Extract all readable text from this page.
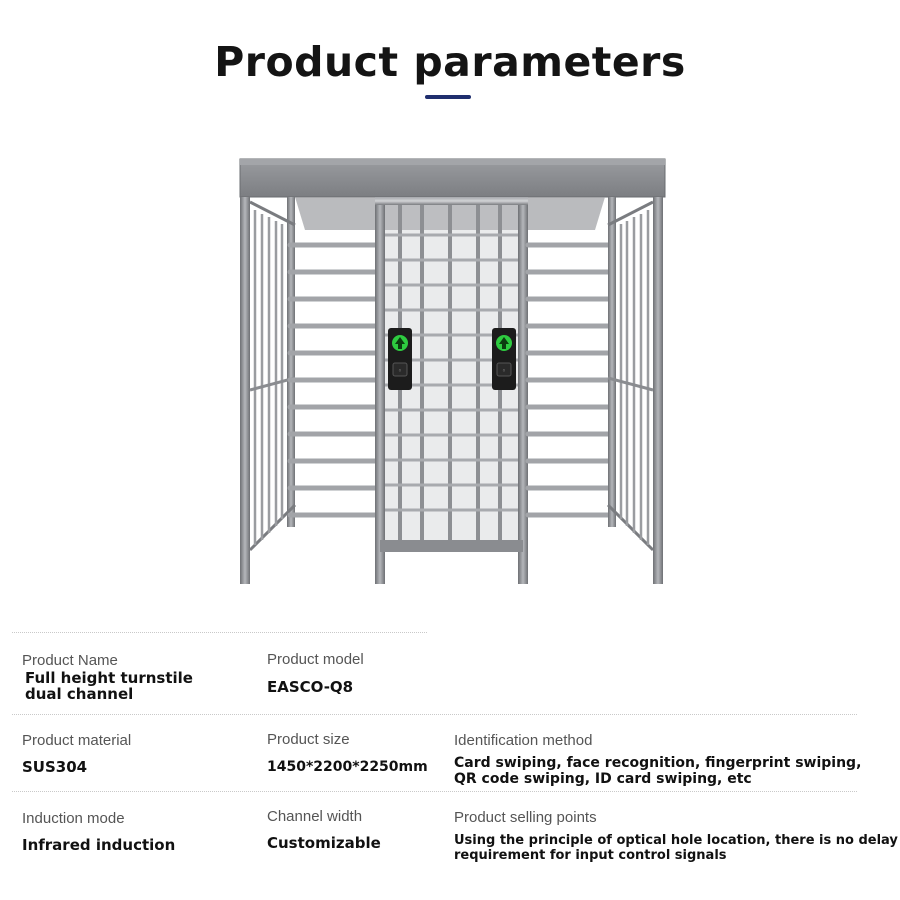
Product parameters
◦	◦
Product Name
Full height turnstile
dual channel
Product model
EASCO-Q8
Product material
SUS304
Product size
1450*2200*2250mm
Identification method
Card swiping, face recognition, fingerprint swiping,
QR code swiping, ID card swiping, etc
Induction mode
Infrared induction
Channel width
Customizable
Product selling points
Using the principle of optical hole location, there is no delay
requirement for input control signals
